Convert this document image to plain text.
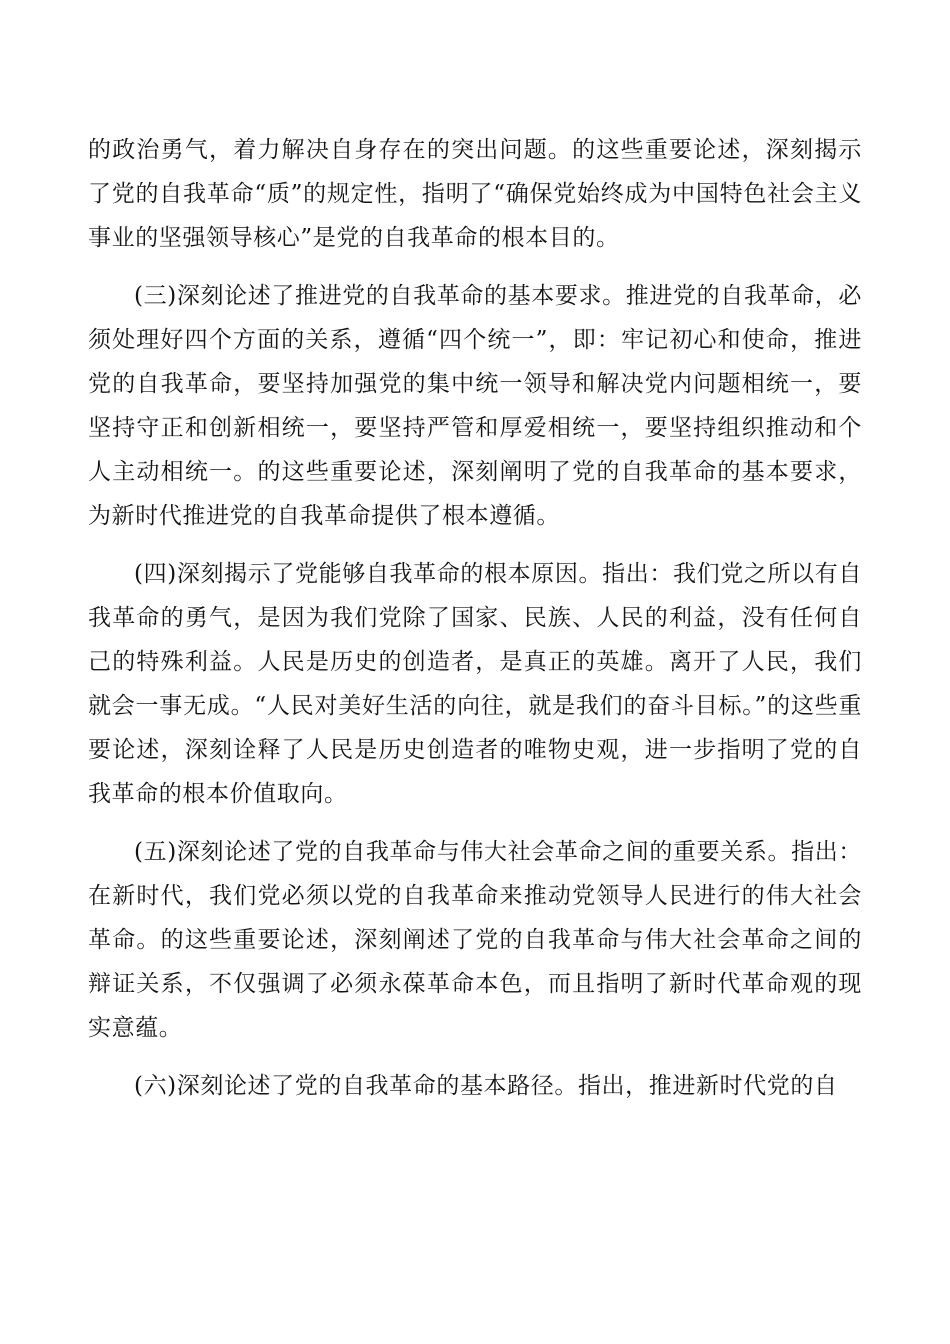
的政治勇气，着力解决自身存在的突出问题。的这些重要论述，深刻揭示了党的自我革命“质”的规定性，指明了“确保党始终成为中国特色社会主义事业的坚强领导核心”是党的自我革命的根本目的。

(三)深刻论述了推进党的自我革命的基本要求。推进党的自我革命，必须处理好四个方面的关系，遵循“四个统一”，即：牢记初心和使命，推进党的自我革命，要坚持加强党的集中统一领导和解决党内问题相统一，要坚持守正和创新相统一，要坚持严管和厚爱相统一，要坚持组织推动和个人主动相统一。的这些重要论述，深刻阐明了党的自我革命的基本要求，为新时代推进党的自我革命提供了根本遵循。

(四)深刻揭示了党能够自我革命的根本原因。指出：我们党之所以有自我革命的勇气，是因为我们党除了国家、民族、人民的利益，没有任何自己的特殊利益。人民是历史的创造者，是真正的英雄。离开了人民，我们就会一事无成。“人民对美好生活的向往，就是我们的奋斗目标。”的这些重要论述，深刻诠释了人民是历史创造者的唯物史观，进一步指明了党的自我革命的根本价值取向。

(五)深刻论述了党的自我革命与伟大社会革命之间的重要关系。指出：在新时代，我们党必须以党的自我革命来推动党领导人民进行的伟大社会革命。的这些重要论述，深刻阐述了党的自我革命与伟大社会革命之间的辩证关系，不仅强调了必须永葆革命本色，而且指明了新时代革命观的现实意蕴。

(六)深刻论述了党的自我革命的基本路径。指出，推进新时代党的自
